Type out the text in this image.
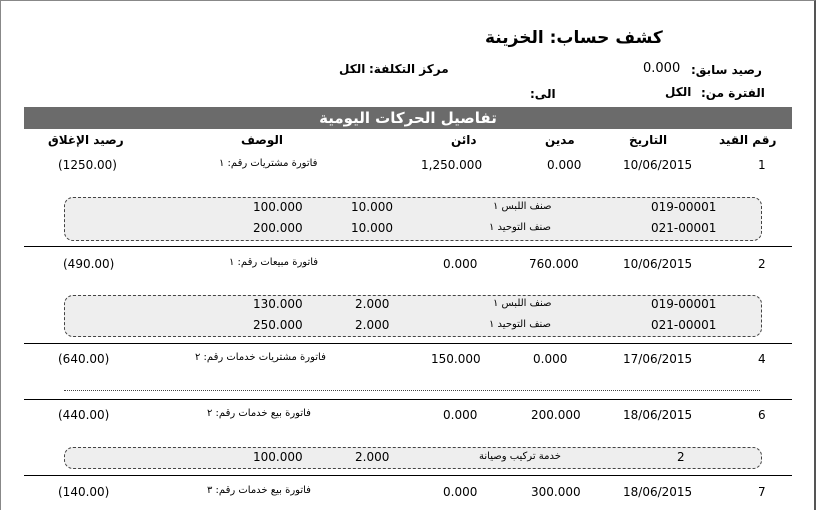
كشف حساب: الخزينة
رصيد سابق:
0.000
مركز التكلفة:
الكل
الفترة من:
الكل
الى:
تفاصيل الحركات اليومية
رقم القيد
التاريخ
مدين
دائن
الوصف
رصيد الإغلاق
1
10/06/2015
0.000
1,250.000
فاتورة مشتريات رقم: ١
(1250.00)
019-00001
صنف اللبس ١
10.000
100.000
021-00001
صنف التوحيد ١
10.000
200.000
2
10/06/2015
760.000
0.000
فاتورة مبيعات رقم: ١
(490.00)
019-00001
صنف اللبس ١
2.000
130.000
021-00001
صنف التوحيد ١
2.000
250.000
4
17/06/2015
0.000
150.000
فاتورة مشتريات خدمات رقم: ٢
(640.00)
6
18/06/2015
200.000
0.000
فاتورة بيع خدمات رقم: ٢
(440.00)
2
خدمة تركيب وصيانة
2.000
100.000
7
18/06/2015
300.000
0.000
فاتورة بيع خدمات رقم: ٣
(140.00)
